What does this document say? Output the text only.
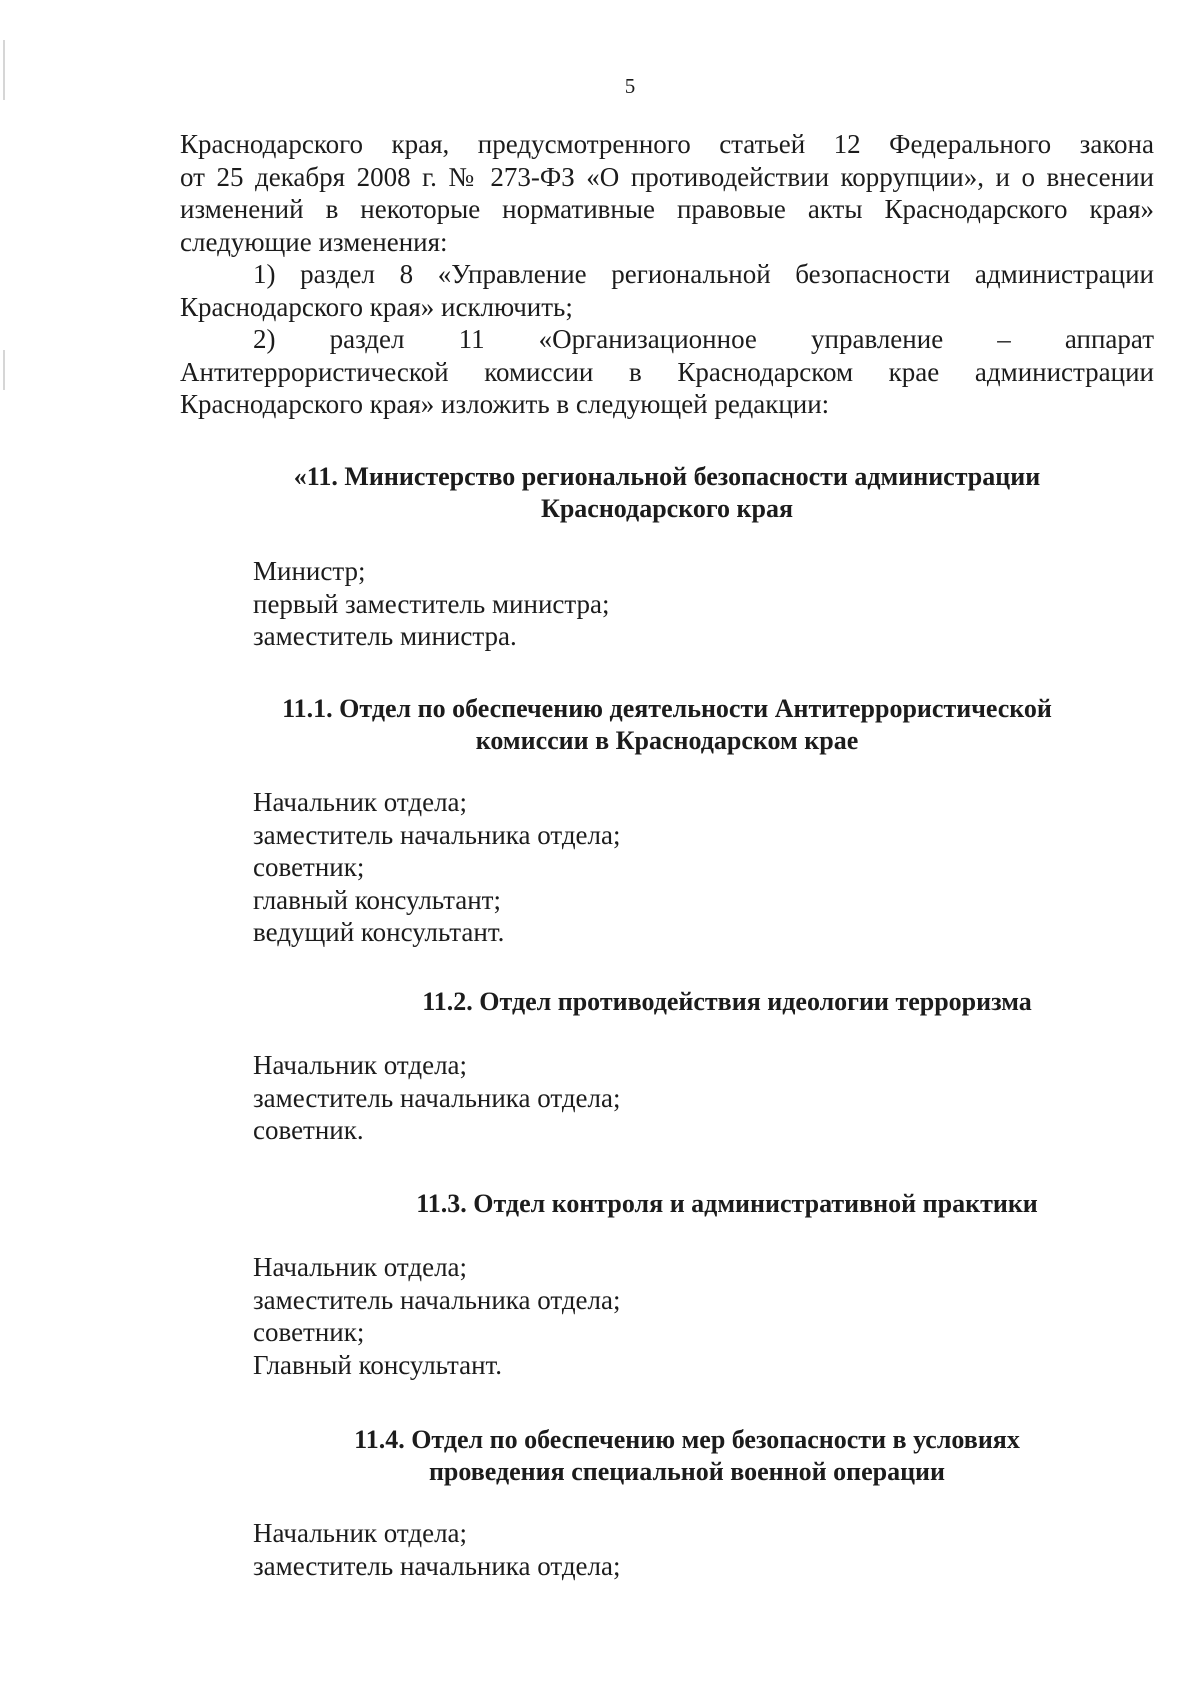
5

Краснодарского края, предусмотренного статьей 12 Федерального закона

от 25 декабря 2008 г. № 273-ФЗ «О противодействии коррупции», и о внесении

изменений в некоторые нормативные правовые акты Краснодарского края»

следующие изменения:

1) раздел 8 «Управление региональной безопасности администрации

Краснодарского края» исключить;

2) раздел 11 «Организационное управление – аппарат

Антитеррористической комиссии в Краснодарском крае администрации

Краснодарского края» изложить в следующей редакции:

«11. Министерство региональной безопасности администрации
Краснодарского края
Министр;
первый заместитель министра;
заместитель министра.
11.1. Отдел по обеспечению деятельности Антитеррористической
комиссии в Краснодарском крае
Начальник отдела;
заместитель начальника отдела;
советник;
главный консультант;
ведущий консультант.
11.2. Отдел противодействия идеологии терроризма
Начальник отдела;
заместитель начальника отдела;
советник.
11.3. Отдел контроля и административной практики
Начальник отдела;
заместитель начальника отдела;
советник;
Главный консультант.
11.4. Отдел по обеспечению мер безопасности в условиях
проведения специальной военной операции
Начальник отдела;
заместитель начальника отдела;
